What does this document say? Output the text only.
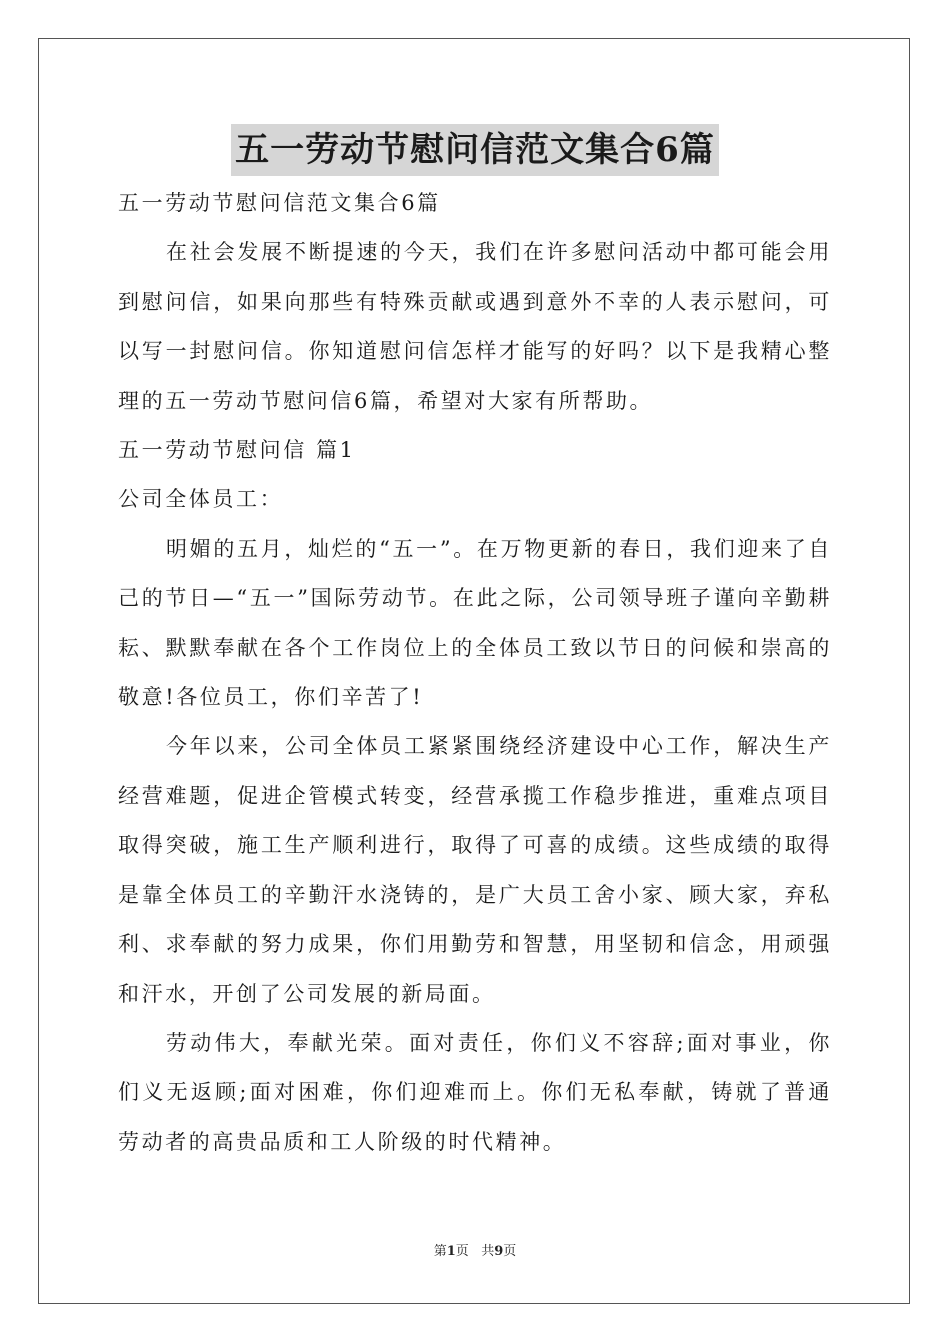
五一劳动节慰问信范文集合6篇

五一劳动节慰问信范文集合6篇

在社会发展不断提速的今天，我们在许多慰问活动中都可能会用到慰问信，如果向那些有特殊贡献或遇到意外不幸的人表示慰问，可以写一封慰问信。你知道慰问信怎样才能写的好吗？以下是我精心整理的五一劳动节慰问信6篇，希望对大家有所帮助。

五一劳动节慰问信 篇1

公司全体员工：

明媚的五月，灿烂的“五一”。在万物更新的春日，我们迎来了自己的节日—“五一”国际劳动节。在此之际，公司领导班子谨向辛勤耕耘、默默奉献在各个工作岗位上的全体员工致以节日的问候和崇高的敬意!各位员工，你们辛苦了!

今年以来，公司全体员工紧紧围绕经济建设中心工作，解决生产经营难题，促进企管模式转变，经营承揽工作稳步推进，重难点项目取得突破，施工生产顺利进行，取得了可喜的成绩。这些成绩的取得是靠全体员工的辛勤汗水浇铸的，是广大员工舍小家、顾大家，弃私利、求奉献的努力成果，你们用勤劳和智慧，用坚韧和信念，用顽强和汗水，开创了公司发展的新局面。

劳动伟大，奉献光荣。面对责任，你们义不容辞;面对事业，你们义无返顾;面对困难，你们迎难而上。你们无私奉献，铸就了普通劳动者的高贵品质和工人阶级的时代精神。

第1页 共9页
